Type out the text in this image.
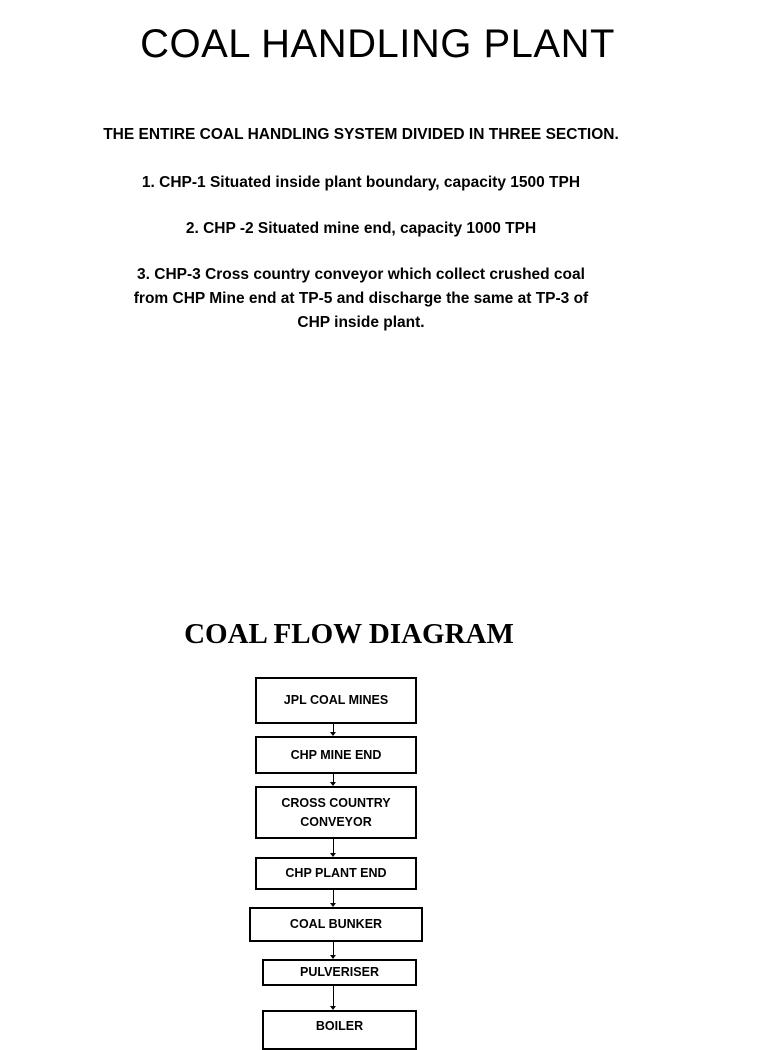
COAL HANDLING PLANT
THE ENTIRE COAL HANDLING SYSTEM DIVIDED IN THREE SECTION.
1. CHP-1 Situated inside plant boundary, capacity 1500 TPH
2. CHP -2 Situated mine end, capacity 1000 TPH
3. CHP-3 Cross country conveyor which collect crushed coal
from CHP Mine end at TP-5 and discharge the same at TP-3 of
CHP inside plant.
COAL FLOW DIAGRAM
JPL COAL MINES
CHP MINE END
CROSS COUNTRY
CONVEYOR
CHP PLANT END
COAL BUNKER
PULVERISER
BOILER
